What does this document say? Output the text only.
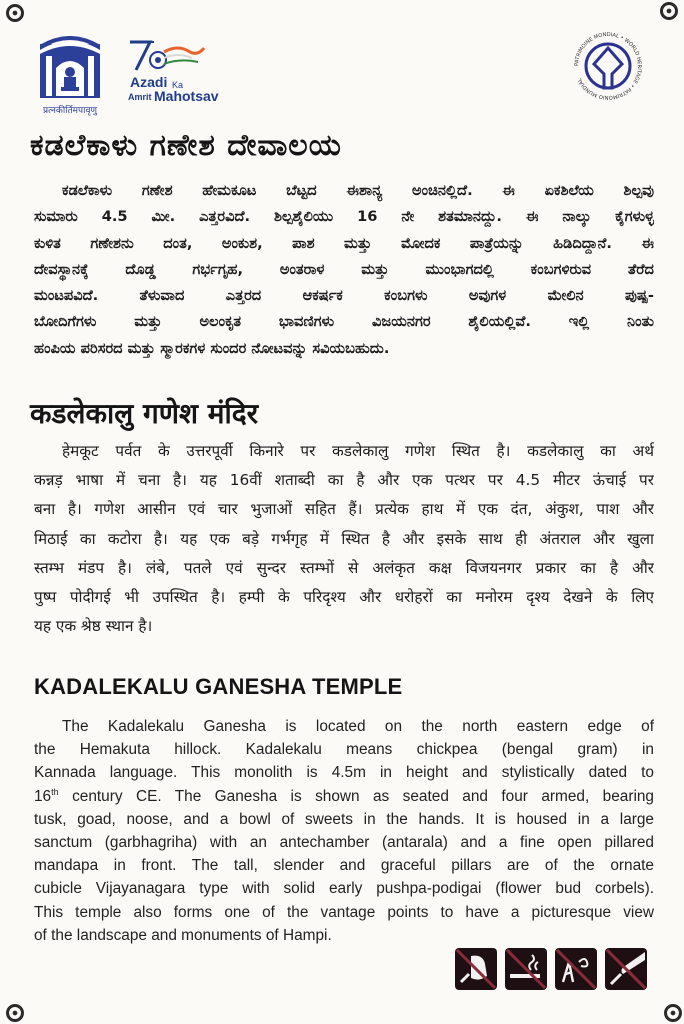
प्रत्नकीर्तिमपावृणु
Azadi Ka
Amrit Mahotsav
PATRIMOINE MONDIAL • WORLD HERITAGE • PATRIMONIO MUNDIAL
ಕಡಲೆಕಾಳು ಗಣೇಶ ದೇವಾಲಯ
ಕಡಲೆಕಾಳು ಗಣೇಶ ಹೇಮಕೂಟ ಬೆಟ್ಟದ ಈಶಾನ್ಯ ಅಂಚಿನಲ್ಲಿದೆ. ಈ ಏಕಶಿಲೆಯ ಶಿಲ್ಪವು
ಸುಮಾರು 4.5 ಮೀ. ಎತ್ತರವಿದೆ. ಶಿಲ್ಪಶೈಲಿಯು 16 ನೇ ಶತಮಾನದ್ದು. ಈ ನಾಲ್ಕು ಕೈಗಳುಳ್ಳ
ಕುಳಿತ ಗಣೇಶನು ದಂತ, ಅಂಕುಶ, ಪಾಶ ಮತ್ತು ಮೋದಕ ಪಾತ್ರೆಯನ್ನು ಹಿಡಿದಿದ್ದಾನೆ. ಈ
ದೇವಸ್ಥಾನಕ್ಕೆ ದೊಡ್ಡ ಗರ್ಭಗೃಹ, ಅಂತರಾಳ ಮತ್ತು ಮುಂಭಾಗದಲ್ಲಿ ಕಂಬಗಳಿರುವ ತೆರೆದ
ಮಂಟಪವಿದೆ. ತೆಳುವಾದ ಎತ್ತರದ ಆಕರ್ಷಕ ಕಂಬಗಳು ಅವುಗಳ ಮೇಲಿನ ಪುಷ್ಪ-
ಬೋದಿಗೆಗಳು ಮತ್ತು ಅಲಂಕೃತ ಭಾವಣಿಗಳು ವಿಜಯನಗರ ಶೈಲಿಯಲ್ಲಿವೆ. ಇಲ್ಲಿ ನಿಂತು
ಹಂಪಿಯ ಪರಿಸರದ ಮತ್ತು ಸ್ಮಾರಕಗಳ ಸುಂದರ ನೋಟವನ್ನು ಸವಿಯಬಹುದು.
कडलेकालु गणेश मंदिर
हेमकूट पर्वत के उत्तरपूर्वी किनारे पर कडलेकालु गणेश स्थित है। कडलेकालु का अर्थ
कन्नड़ भाषा में चना है। यह 16वीं शताब्दी का है और एक पत्थर पर 4.5 मीटर ऊंचाई पर
बना है। गणेश आसीन एवं चार भुजाओं सहित हैं। प्रत्येक हाथ में एक दंत, अंकुश, पाश और
मिठाई का कटोरा है। यह एक बड़े गर्भगृह में स्थित है और इसके साथ ही अंतराल और खुला
स्तम्भ मंडप है। लंबे, पतले एवं सुन्दर स्तम्भों से अलंकृत कक्ष विजयनगर प्रकार का है और
पुष्प पोदीगई भी उपस्थित है। हम्पी के परिदृश्य और धरोहरों का मनोरम दृश्य देखने के लिए
यह एक श्रेष्ठ स्थान है।
KADALEKALU GANESHA TEMPLE
The Kadalekalu Ganesha is located on the north eastern edge of
the Hemakuta hillock. Kadalekalu means chickpea (bengal gram) in
Kannada language. This monolith is 4.5m in height and stylistically dated to
16th century CE. The Ganesha is shown as seated and four armed, bearing
tusk, goad, noose, and a bowl of sweets in the hands. It is housed in a large
sanctum (garbhagriha) with an antechamber (antarala) and a fine open pillared
mandapa in front. The tall, slender and graceful pillars are of the ornate
cubicle Vijayanagara type with solid early pushpa-podigai (flower bud corbels).
This temple also forms one of the vantage points to have a picturesque view
of the landscape and monuments of Hampi.
